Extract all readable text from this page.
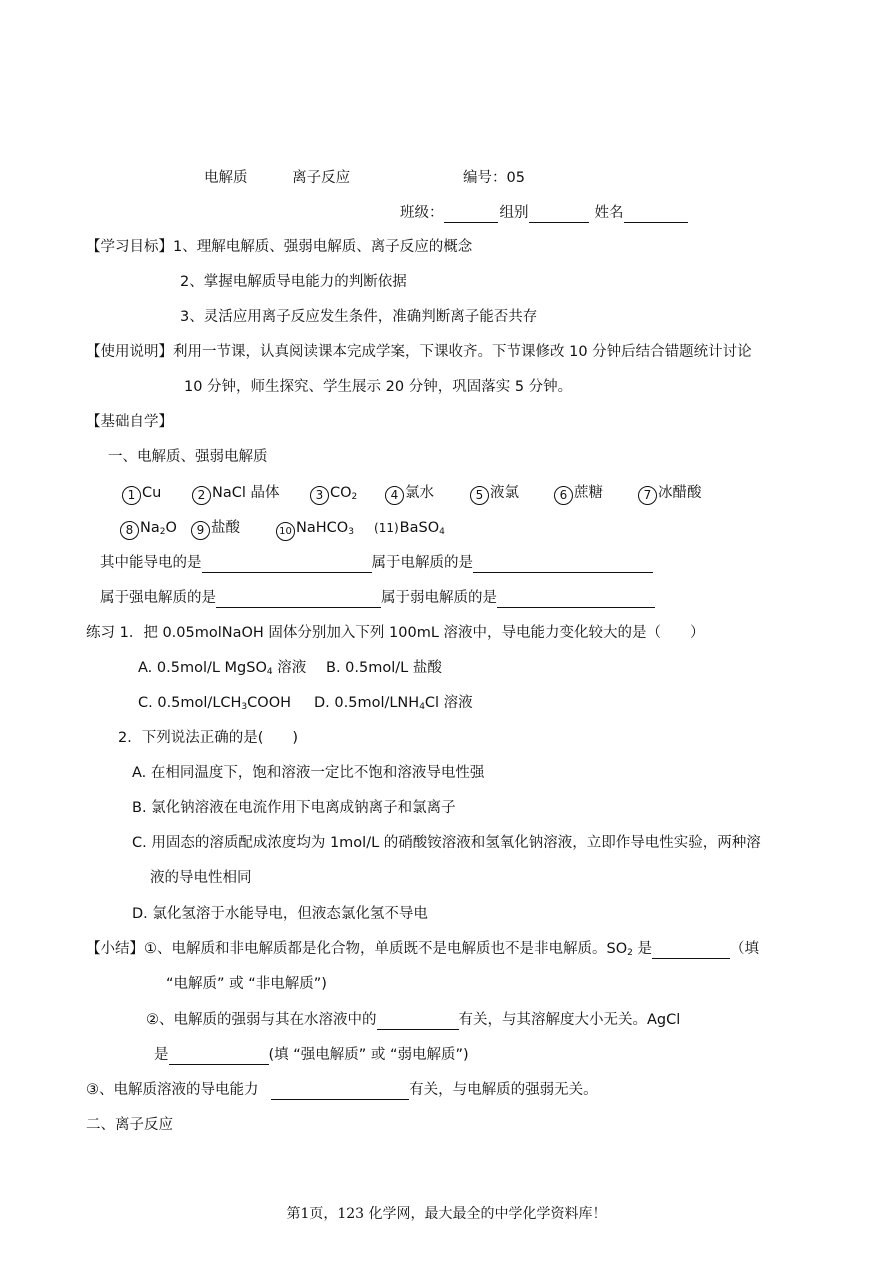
电解质	离子反应	编号：05
班级：	组别	姓名
【学习目标】1、理解电解质、强弱电解质、离子反应的概念
2、掌握电解质导电能力的判断依据
3、灵活应用离子反应发生条件，准确判断离子能否共存
【使用说明】利用一节课，认真阅读课本完成学案，下课收齐。下节课修改 10 分钟后结合错题统计讨论
10 分钟，师生探究、学生展示 20 分钟，巩固落实 5 分钟。
【基础自学】
一、电解质、强弱电解质
1 Cu	2 NaCl 晶体	3 $CO_2$	4 氯水	5 液氯	6 蔗糖	7 冰醋酸
8 $Na_2O$	9 盐酸	10 NaHCO$_3$ (11)BaSO$_4$
其中能导电的是	属于电解质的是
属于强电解质的是	属于弱电解质的是
练习 1．把 0.05molNaOH 固体分别加入下列 100mL 溶液中，导电能力变化较大的是（　　）
A. 0.5mol/L MgSO$_4$ 溶液 B. 0.5mol/L 盐酸
C. $0.5mol/LCH_3COOH$ D. $0.5mol/LNH_4Cl$ 溶液
2．下列说法正确的是(　　)
A. 在相同温度下，饱和溶液一定比不饱和溶液导电性强
B. 氯化钠溶液在电流作用下电离成钠离子和氯离子
C. 用固态的溶质配成浓度均为 1mol/L 的硝酸铵溶液和氢氧化钠溶液，立即作导电性实验，两种溶
液的导电性相同
D. 氯化氢溶于水能导电，但液态氯化氢不导电
【小结】①、电解质和非电解质都是化合物，单质既不是电解质也不是非电解质。$SO_2$ 是	（填
“电解质” 或 “非电解质”)
②、电解质的强弱与其在水溶液中的	有关，与其溶解度大小无关。AgCl
是	(填 “强电解质” 或 “弱电解质”)
③、电解质溶液的导电能力	有关，与电解质的强弱无关。
二、离子反应
第1页，123 化学网，最大最全的中学化学资料库！
